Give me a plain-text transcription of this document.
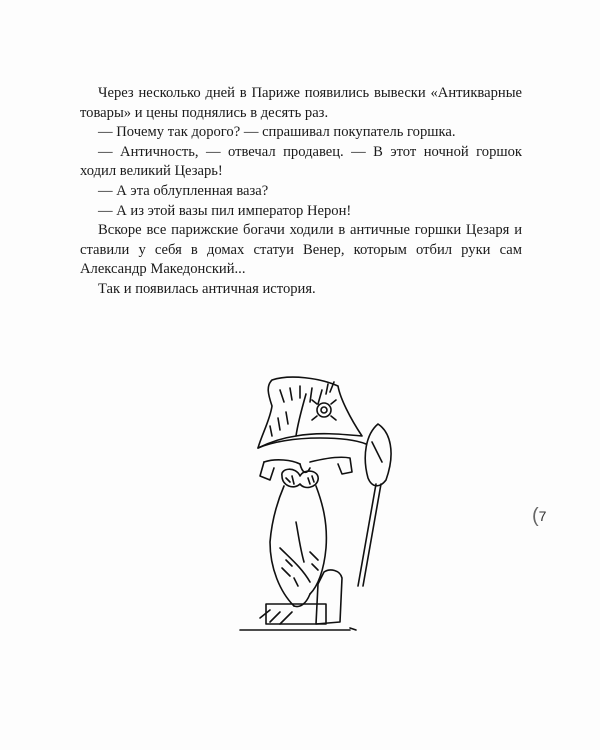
Через несколько дней в Париже появились вывески «Антикварные товары» и цены поднялись в десять раз.

— Почему так дорого? — спрашивал покупатель горшка.

— Античность, — отвечал продавец. — В этот ночной горшок ходил великий Цезарь!

— А эта облупленная ваза?

— А из этой вазы пил император Нерон!

Вскоре все парижские богачи ходили в античные горшки Цезаря и ставили у себя в домах статуи Венер, которым отбил руки сам Александр Македонский...

Так и появилась античная история.

(7
